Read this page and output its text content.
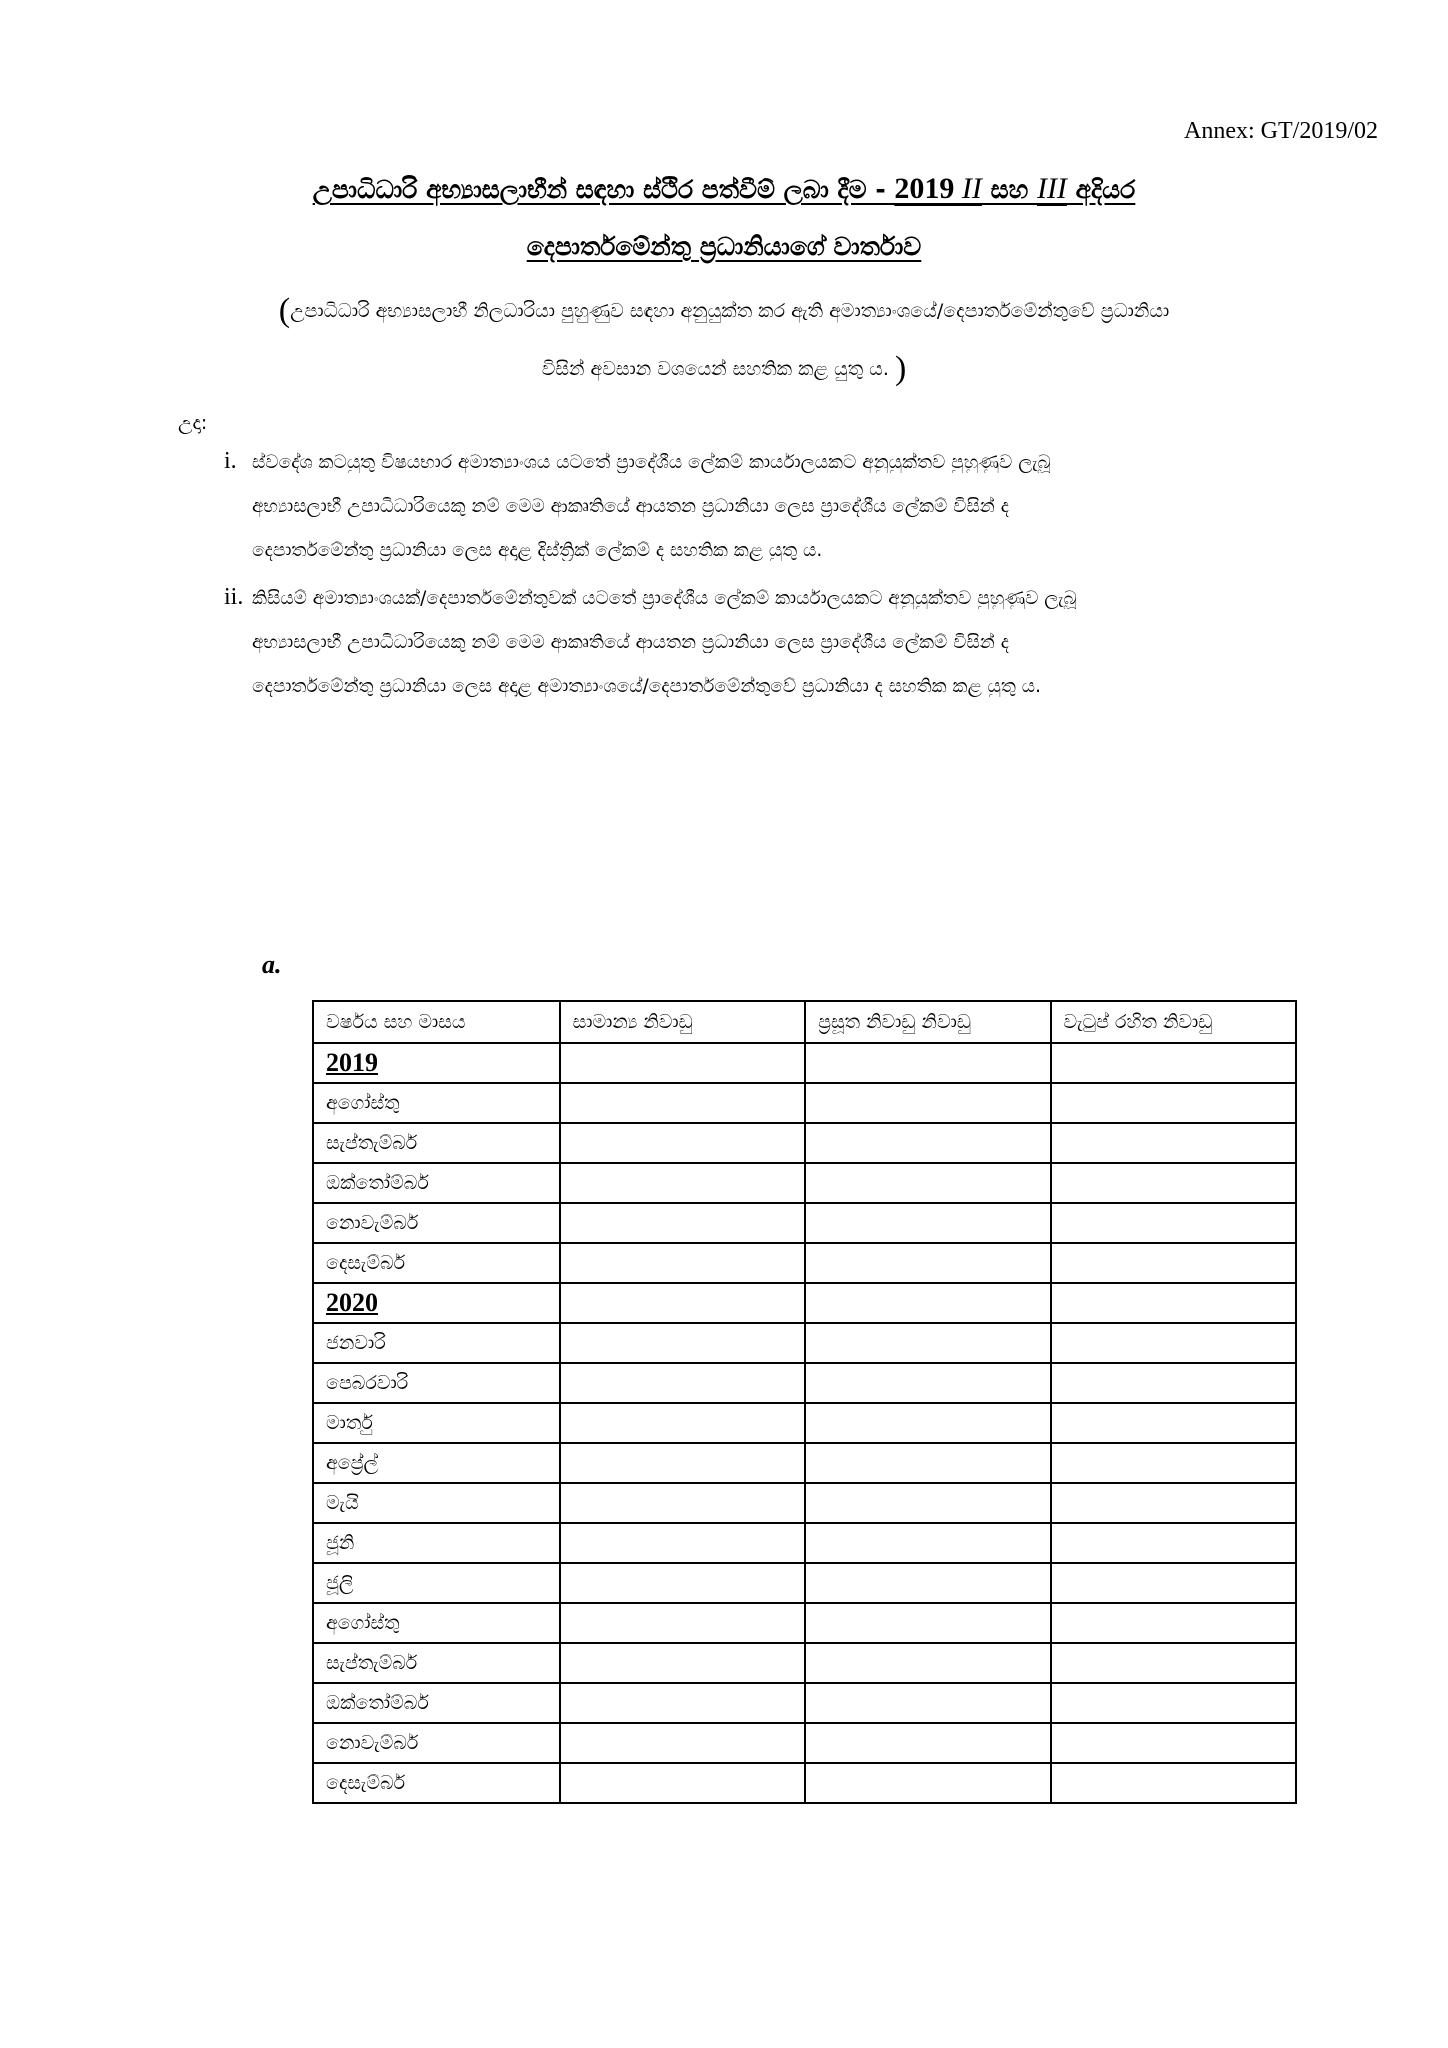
Annex: GT/2019/02
උපාධිධාරි අභ්‍යාසලාභීන් සඳහා ස්ථිර පත්වීම් ලබා දීම - 2019 II සහ III අදියර
දෙපාර්තමේන්තු ප්‍රධානියාගේ වාර්තාව
(උපාධිධාරි අභ්‍යාසලාභී නිලධාරියා පුහුණුව සඳහා අනුයුක්ත කර ඇති අමාත්‍යාංශයේ/දෙපාර්තමේන්තුවේ ප්‍රධානියා
විසින් අවසාන වශයෙන් සහතික කළ යුතු ය. )
උදා:
i. ස්වදේශ කටයුතු විෂයභාර අමාත්‍යාංශය යටතේ ප්‍රාදේශීය ලේකම් කාර්යාලයකට අනුයුක්තව පුහුණුව ලැබූ
අභ්‍යාසලාභී උපාධිධාරියෙකු නම් මෙම ආකෘතියේ ආයතන ප්‍රධානියා ලෙස ප්‍රාදේශීය ලේකම් විසින් ද
දෙපාර්තමේන්තු ප්‍රධානියා ලෙස අදාළ දිස්ත්‍රික් ලේකම් ද සහතික කළ යුතු ය.
ii. කිසියම් අමාත්‍යාංශයක්/දෙපාර්තමේන්තුවක් යටතේ ප්‍රාදේශීය ලේකම් කාර්යාලයකට අනුයුක්තව පුහුණුව ලැබූ
අභ්‍යාසලාභී උපාධිධාරියෙකු නම් මෙම ආකෘතියේ ආයතන ප්‍රධානියා ලෙස ප්‍රාදේශීය ලේකම් විසින් ද
දෙපාර්තමේන්තු ප්‍රධානියා ලෙස අදාළ අමාත්‍යාංශයේ/දෙපාර්තමේන්තුවේ ප්‍රධානියා ද සහතික කළ යුතු ය.
a.
වර්ෂය සහ මාසය	සාමාන්‍ය නිවාඩු	ප්‍රසූත නිවාඩු නිවාඩු	වැටුප් රහිත නිවාඩු
2019			
අගෝස්තු			
සැප්තැම්බර්			
ඔක්තෝම්බර්			
නොවැම්බර්			
දෙසැම්බර්			
2020			
ජනවාරි			
පෙබරවාරි			
මාර්තු			
අප්‍රේල්			
මැයි			
ජූනි			
ජූලි			
අගෝස්තු			
සැප්තැම්බර්			
ඔක්තෝම්බර්			
නොවැම්බර්			
දෙසැම්බර්			
